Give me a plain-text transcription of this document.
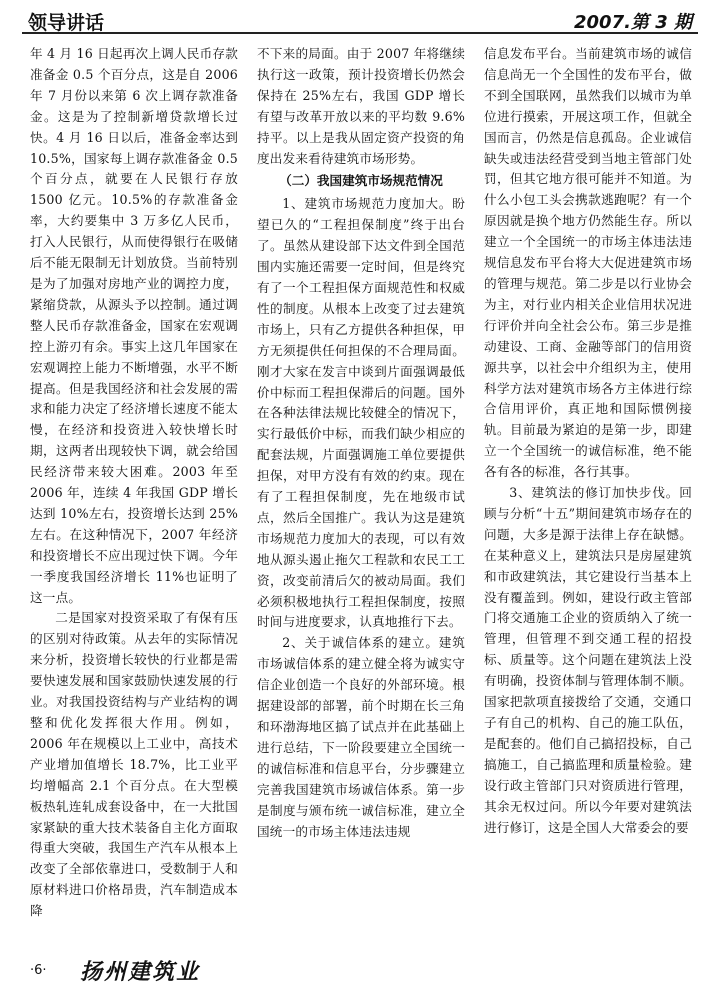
领导讲话	2007.第 3 期

年 4 月 16 日起再次上调人民币存款准备金 0.5 个百分点，这是自 2006 年 7 月份以来第 6 次上调存款准备金。这是为了控制新增贷款增长过快。4 月 16 日以后，准备金率达到 10.5%，国家每上调存款准备金 0.5 个百分点，就要在人民银行存放 1500 亿元。10.5%的存款准备金率，大约要集中 3 万多亿人民币，打入人民银行，从而使得银行在吸储后不能无限制无计划放贷。当前特别是为了加强对房地产业的调控力度，紧缩贷款，从源头予以控制。通过调整人民币存款准备金，国家在宏观调控上游刃有余。事实上这几年国家在宏观调控上能力不断增强，水平不断提高。但是我国经济和社会发展的需求和能力决定了经济增长速度不能太慢，在经济和投资进入较快增长时期，这两者出现较快下调，就会给国民经济带来较大困难。2003 年至 2006 年，连续 4 年我国 GDP 增长达到 10%左右，投资增长达到 25%左右。在这种情况下，2007 年经济和投资增长不应出现过快下调。今年一季度我国经济增长 11%也证明了这一点。

二是国家对投资采取了有保有压的区别对待政策。从去年的实际情况来分析，投资增长较快的行业都是需要快速发展和国家鼓励快速发展的行业。对我国投资结构与产业结构的调整和优化发挥很大作用。例如，2006 年在规模以上工业中，高技术产业增加值增长 18.7%，比工业平均增幅高 2.1 个百分点。在大型模板热轧连轧成套设备中，在一大批国家紧缺的重大技术装备自主化方面取得重大突破，我国生产汽车从根本上改变了全部依靠进口，受数制于人和原材料进口价格昂贵，汽车制造成本降

不下来的局面。由于 2007 年将继续执行这一政策，预计投资增长仍然会保持在 25%左右，我国 GDP 增长有望与改革开放以来的平均数 9.6%持平。以上是我从固定资产投资的角度出发来看待建筑市场形势。

（二）我国建筑市场规范情况

1、建筑市场规范力度加大。盼望已久的“工程担保制度”终于出台了。虽然从建设部下达文件到全国范围内实施还需要一定时间，但是终究有了一个工程担保方面规范性和权威性的制度。从根本上改变了过去建筑市场上，只有乙方提供各种担保，甲方无须提供任何担保的不合理局面。刚才大家在发言中谈到片面强调最低价中标而工程担保滞后的问题。国外在各种法律法规比较健全的情况下，实行最低价中标，而我们缺少相应的配套法规，片面强调施工单位要提供担保，对甲方没有有效的约束。现在有了工程担保制度，先在地级市试点，然后全国推广。我认为这是建筑市场规范力度加大的表现，可以有效地从源头遏止拖欠工程款和农民工工资，改变前清后欠的被动局面。我们必须积极地执行工程担保制度，按照时间与进度要求，认真地推行下去。

2、关于诚信体系的建立。建筑市场诚信体系的建立健全将为诚实守信企业创造一个良好的外部环境。根据建设部的部署，前个时期在长三角和环渤海地区搞了试点并在此基础上进行总结，下一阶段要建立全国统一的诚信标准和信息平台，分步骤建立完善我国建筑市场诚信体系。第一步是制度与颁布统一诚信标准，建立全国统一的市场主体违法违规

信息发布平台。当前建筑市场的诚信信息尚无一个全国性的发布平台，做不到全国联网，虽然我们以城市为单位进行摸索，开展这项工作，但就全国而言，仍然是信息孤岛。企业诚信缺失或违法经营受到当地主管部门处罚，但其它地方很可能并不知道。为什么小包工头会携款逃跑呢？有一个原因就是换个地方仍然能生存。所以建立一个全国统一的市场主体违法违规信息发布平台将大大促进建筑市场的管理与规范。第二步是以行业协会为主，对行业内相关企业信用状况进行评价并向全社会公布。第三步是推动建设、工商、金融等部门的信用资源共享，以社会中介组织为主，使用科学方法对建筑市场各方主体进行综合信用评价，真正地和国际惯例接轨。目前最为紧迫的是第一步，即建立一个全国统一的诚信标准，绝不能各有各的标准，各行其事。

3、建筑法的修订加快步伐。回顾与分析“十五”期间建筑市场存在的问题，大多是源于法律上存在缺憾。在某种意义上，建筑法只是房屋建筑和市政建筑法，其它建设行当基本上没有覆盖到。例如，建设行政主管部门将交通施工企业的资质纳入了统一管理，但管理不到交通工程的招投标、质量等。这个问题在建筑法上没有明确，投资体制与管理体制不顺。国家把款项直接拨给了交通，交通口子有自己的机构、自己的施工队伍，是配套的。他们自己搞招投标，自己搞施工，自己搞监理和质量检验。建设行政主管部门只对资质进行管理，其余无权过问。所以今年要对建筑法进行修订，这是全国人大常委会的要

·6· 扬州建筑业
